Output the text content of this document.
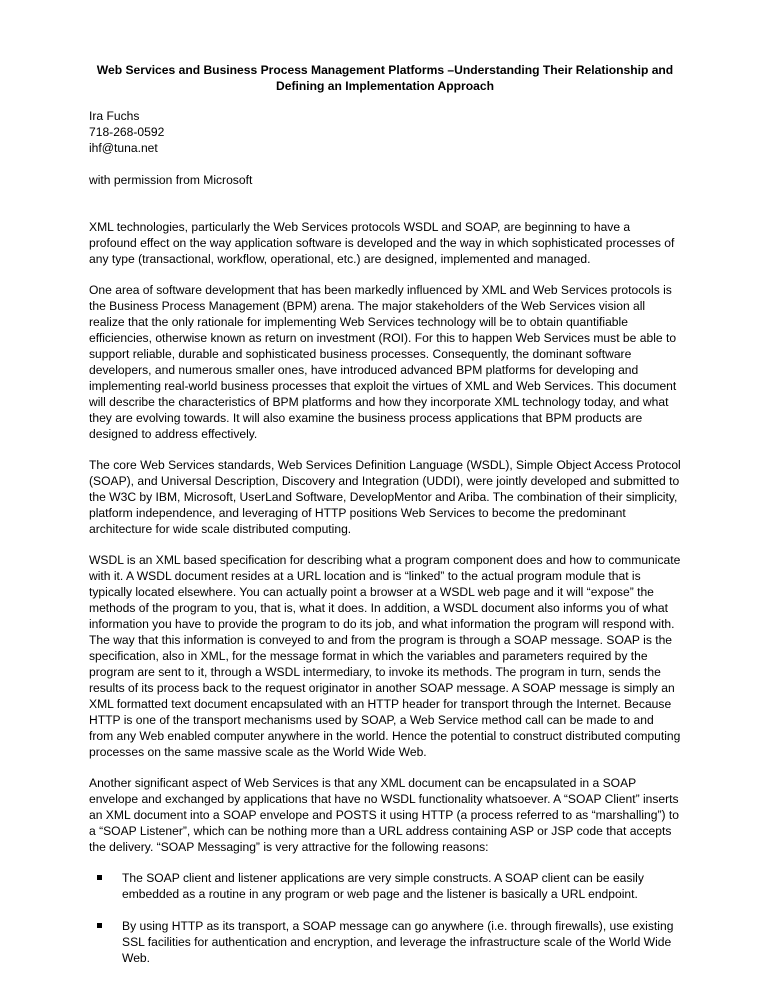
Web Services and Business Process Management Platforms –Understanding Their Relationship and Defining an Implementation Approach
Ira Fuchs
718-268-0592
ihf@tuna.net
with permission from Microsoft

XML technologies, particularly the Web Services protocols WSDL and SOAP, are beginning to have a profound effect on the way application software is developed and the way in which sophisticated processes of any type (transactional, workflow, operational, etc.) are designed, implemented and managed.

One area of software development that has been markedly influenced by XML and Web Services protocols is the Business Process Management (BPM) arena. The major stakeholders of the Web Services vision all realize that the only rationale for implementing Web Services technology will be to obtain quantifiable efficiencies, otherwise known as return on investment (ROI). For this to happen Web Services must be able to support reliable, durable and sophisticated business processes. Consequently, the dominant software developers, and numerous smaller ones, have introduced advanced BPM platforms for developing and implementing real-world business processes that exploit the virtues of XML and Web Services. This document will describe the characteristics of BPM platforms and how they incorporate XML technology today, and what they are evolving towards. It will also examine the business process applications that BPM products are designed to address effectively.

The core Web Services standards, Web Services Definition Language (WSDL), Simple Object Access Protocol (SOAP), and Universal Description, Discovery and Integration (UDDI), were jointly developed and submitted to the W3C by IBM, Microsoft, UserLand Software, DevelopMentor and Ariba. The combination of their simplicity, platform independence, and leveraging of HTTP positions Web Services to become the predominant architecture for wide scale distributed computing.

WSDL is an XML based specification for describing what a program component does and how to communicate with it. A WSDL document resides at a URL location and is “linked” to the actual program module that is typically located elsewhere. You can actually point a browser at a WSDL web page and it will “expose” the methods of the program to you, that is, what it does. In addition, a WSDL document also informs you of what information you have to provide the program to do its job, and what information the program will respond with. The way that this information is conveyed to and from the program is through a SOAP message. SOAP is the specification, also in XML, for the message format in which the variables and parameters required by the program are sent to it, through a WSDL intermediary, to invoke its methods. The program in turn, sends the results of its process back to the request originator in another SOAP message. A SOAP message is simply an XML formatted text document encapsulated with an HTTP header for transport through the Internet. Because HTTP is one of the transport mechanisms used by SOAP, a Web Service method call can be made to and from any Web enabled computer anywhere in the world. Hence the potential to construct distributed computing processes on the same massive scale as the World Wide Web.

Another significant aspect of Web Services is that any XML document can be encapsulated in a SOAP envelope and exchanged by applications that have no WSDL functionality whatsoever. A “SOAP Client” inserts an XML document into a SOAP envelope and POSTS it using HTTP (a process referred to as “marshalling”) to a “SOAP Listener”, which can be nothing more than a URL address containing ASP or JSP code that accepts the delivery. “SOAP Messaging” is very attractive for the following reasons:

The SOAP client and listener applications are very simple constructs. A SOAP client can be easily embedded as a routine in any program or web page and the listener is basically a URL endpoint.
By using HTTP as its transport, a SOAP message can go anywhere (i.e. through firewalls), use existing SSL facilities for authentication and encryption, and leverage the infrastructure scale of the World Wide Web.
